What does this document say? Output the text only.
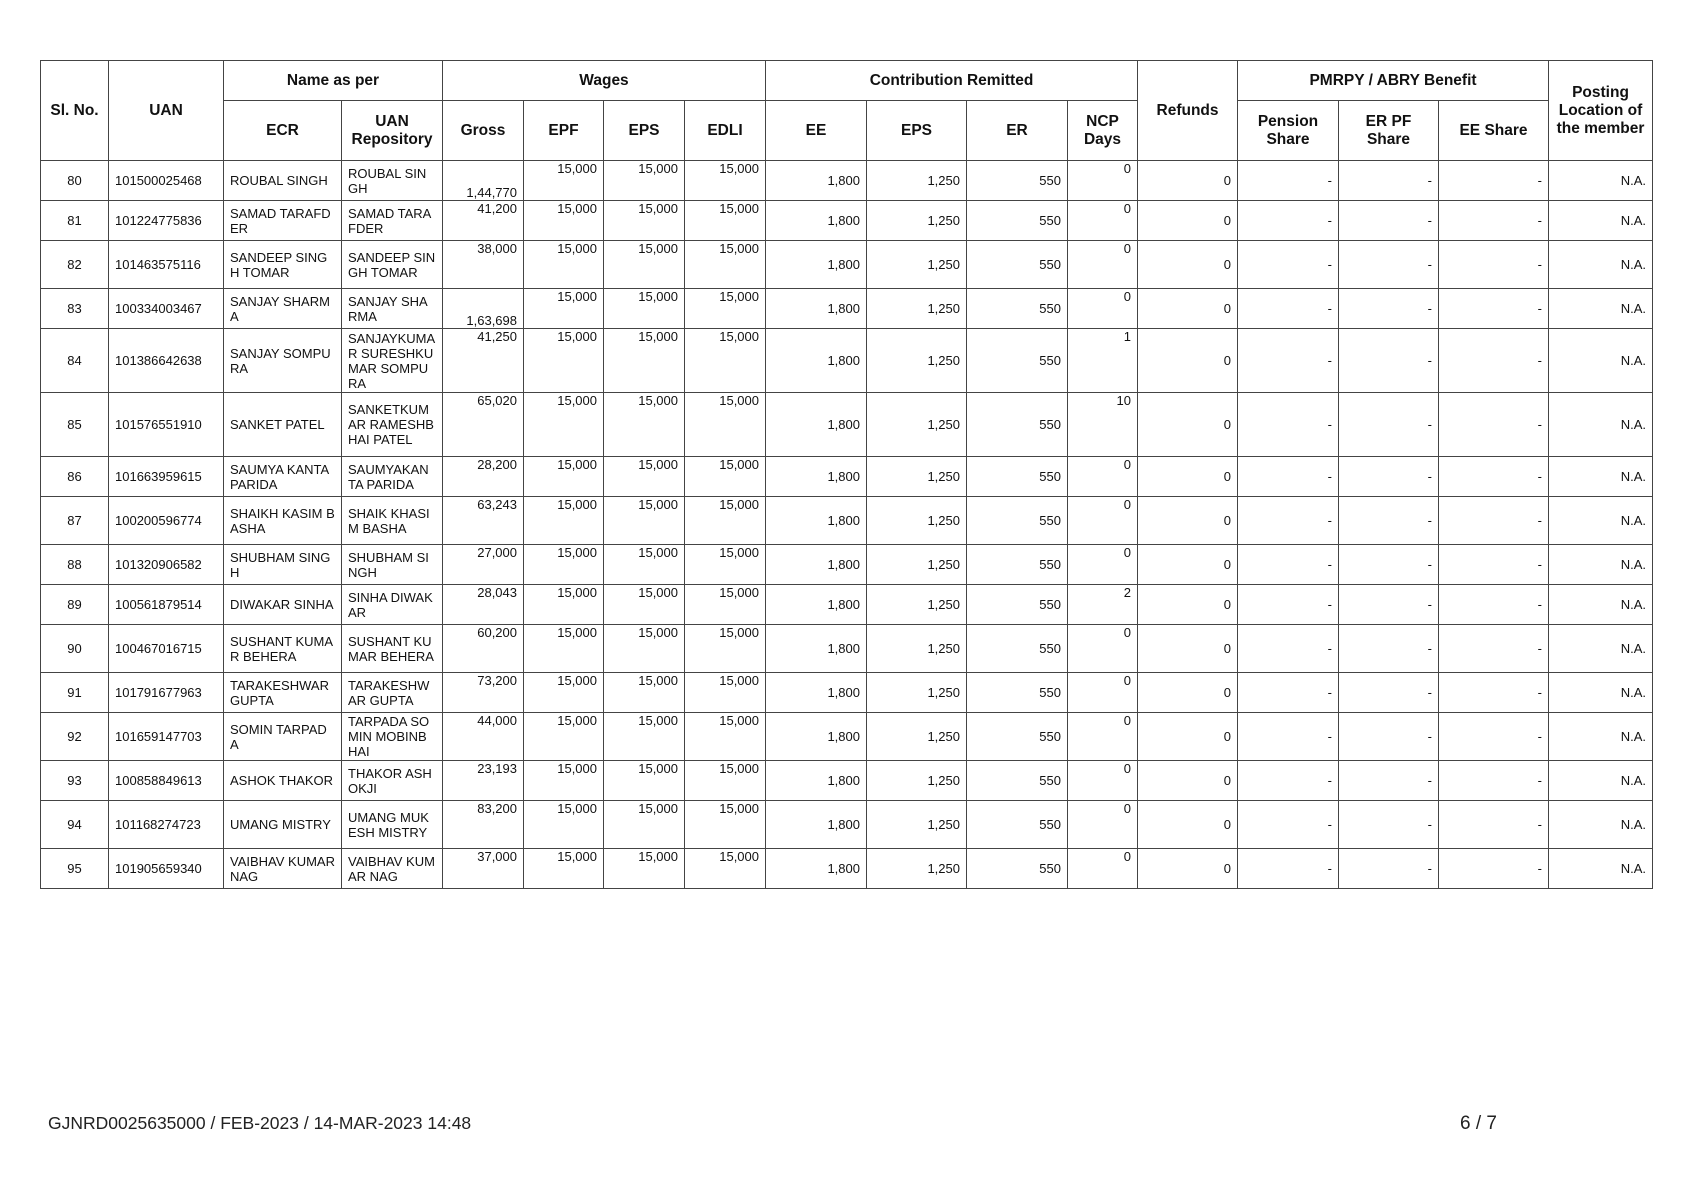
Sl. No.	UAN	Name as per		Wages				Contribution Remitted				Refunds	PMRPY / ABRY Benefit			Posting Location of the member
		ECR	UAN Repository	Gross	EPF	EPS	EDLI	EE	EPS	ER	NCP Days		Pension Share	ER PF Share	EE Share	
80	101500025468	ROUBAL SINGH	ROUBAL SINGH	1,44,770	15,000	15,000	15,000	1,800	1,250	550	0	0	-	-	-	N.A.
81	101224775836	SAMAD TARAFDER	SAMAD TARAFDER	41,200	15,000	15,000	15,000	1,800	1,250	550	0	0	-	-	-	N.A.
82	101463575116	SANDEEP SINGH TOMAR	SANDEEP SINGH TOMAR	38,000	15,000	15,000	15,000	1,800	1,250	550	0	0	-	-	-	N.A.
83	100334003467	SANJAY SHARMA	SANJAY SHARMA	1,63,698	15,000	15,000	15,000	1,800	1,250	550	0	0	-	-	-	N.A.
84	101386642638	SANJAY SOMPURA	SANJAYKUMAR SURESHKUMAR SOMPURA	41,250	15,000	15,000	15,000	1,800	1,250	550	1	0	-	-	-	N.A.
85	101576551910	SANKET PATEL	SANKETKUMAR RAMESHBHAI PATEL	65,020	15,000	15,000	15,000	1,800	1,250	550	10	0	-	-	-	N.A.
86	101663959615	SAUMYA KANTA PARIDA	SAUMYAKANTA PARIDA	28,200	15,000	15,000	15,000	1,800	1,250	550	0	0	-	-	-	N.A.
87	100200596774	SHAIKH KASIM BASHA	SHAIK KHASIM BASHA	63,243	15,000	15,000	15,000	1,800	1,250	550	0	0	-	-	-	N.A.
88	101320906582	SHUBHAM SINGH	SHUBHAM SINGH	27,000	15,000	15,000	15,000	1,800	1,250	550	0	0	-	-	-	N.A.
89	100561879514	DIWAKAR SINHA	SINHA DIWAKAR	28,043	15,000	15,000	15,000	1,800	1,250	550	2	0	-	-	-	N.A.
90	100467016715	SUSHANT KUMAR BEHERA	SUSHANT KUMAR BEHERA	60,200	15,000	15,000	15,000	1,800	1,250	550	0	0	-	-	-	N.A.
91	101791677963	TARAKESHWAR GUPTA	TARAKESHWAR GUPTA	73,200	15,000	15,000	15,000	1,800	1,250	550	0	0	-	-	-	N.A.
92	101659147703	SOMIN TARPADA	TARPADA SOMIN MOBINBHAI	44,000	15,000	15,000	15,000	1,800	1,250	550	0	0	-	-	-	N.A.
93	100858849613	ASHOK THAKOR	THAKOR ASHOKJI	23,193	15,000	15,000	15,000	1,800	1,250	550	0	0	-	-	-	N.A.
94	101168274723	UMANG MISTRY	UMANG MUKESH MISTRY	83,200	15,000	15,000	15,000	1,800	1,250	550	0	0	-	-	-	N.A.
95	101905659340	VAIBHAV KUMAR NAG	VAIBHAV KUMAR NAG	37,000	15,000	15,000	15,000	1,800	1,250	550	0	0	-	-	-	N.A.
GJNRD0025635000 / FEB-2023 / 14-MAR-2023 14:48	6 / 7
